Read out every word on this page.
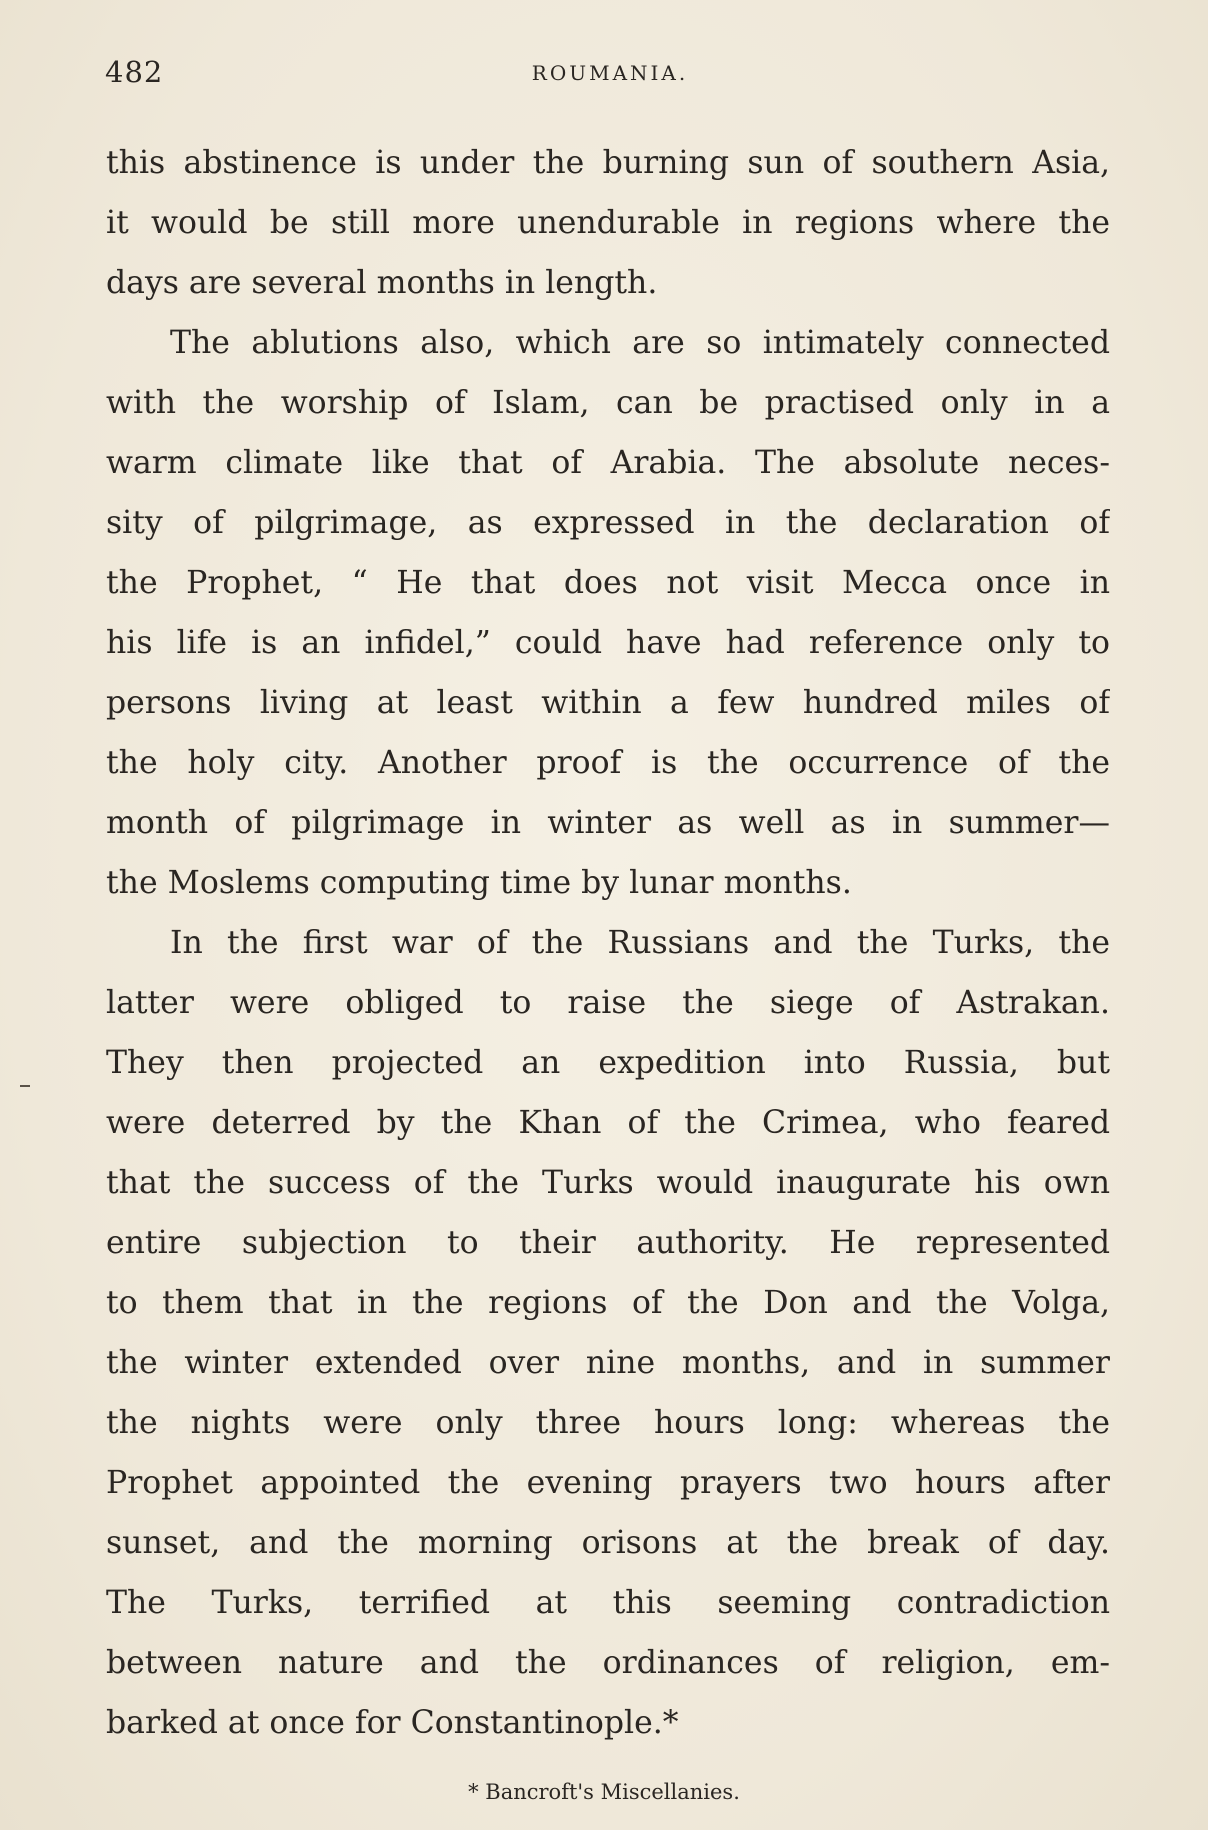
482	ROUMANIA.
this abstinence is under the burning sun of southern Asia,
it would be still more unendurable in regions where the
days are several months in length.
The ablutions also, which are so intimately connected
with the worship of Islam, can be practised only in a
warm climate like that of Arabia. The absolute neces-
sity of pilgrimage, as expressed in the declaration of
the Prophet, “ He that does not visit Mecca once in
his life is an infidel,” could have had reference only to
persons living at least within a few hundred miles of
the holy city. Another proof is the occurrence of the
month of pilgrimage in winter as well as in summer—
the Moslems computing time by lunar months.
In the first war of the Russians and the Turks, the
latter were obliged to raise the siege of Astrakan.
They then projected an expedition into Russia, but
were deterred by the Khan of the Crimea, who feared
that the success of the Turks would inaugurate his own
entire subjection to their authority. He represented
to them that in the regions of the Don and the Volga,
the winter extended over nine months, and in summer
the nights were only three hours long: whereas the
Prophet appointed the evening prayers two hours after
sunset, and the morning orisons at the break of day.
The Turks, terrified at this seeming contradiction
between nature and the ordinances of religion, em-
barked at once for Constantinople.*
* Bancroft's Miscellanies.
